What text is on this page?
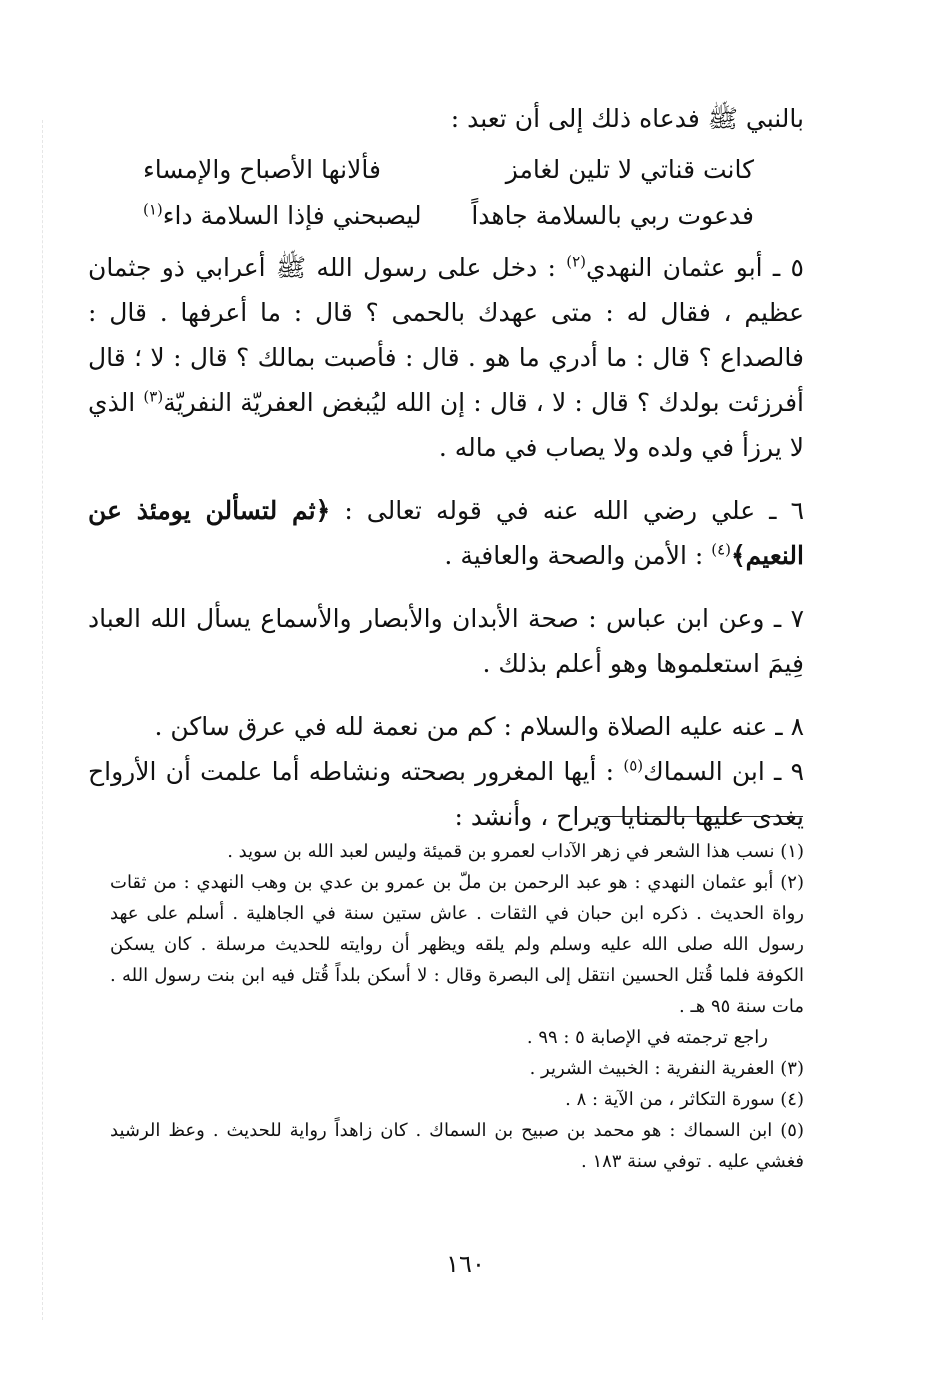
بالنبي ﷺ فدعاه ذلك إلى أن تعبد :

كانت قناتي لا تلين لغامز
فألانها الأصباح والإمساء
فدعوت ربي بالسلامة جاهداً
ليصبحني فإذا السلامة داء$^{(١)}$

٥ ـ أبو عثمان النهدي$^{(٢)}$ : دخل على رسول الله ﷺ أعرابي ذو جثمان عظيم ، فقال له : متى عهدك بالحمى ؟ قال : ما أعرفها . قال : فالصداع ؟ قال : ما أدري ما هو . قال : فأصبت بمالك ؟ قال : لا ؛ قال أفرزئت بولدك ؟ قال : لا ، قال : إن الله ليُبغض العفريّة النفريّة$^{(٣)}$ الذي لا يرزأ في ولده ولا يصاب في ماله .

٦ ـ علي رضي الله عنه في قوله تعالى : ﴿ثم لتسألن يومئذ عن النعيم﴾$^{(٤)}$ : الأمن والصحة والعافية .

٧ ـ وعن ابن عباس : صحة الأبدان والأبصار والأسماع يسأل الله العباد فِيمَ استعلموها وهو أعلم بذلك .

٨ ـ عنه عليه الصلاة والسلام : كم من نعمة لله في عرق ساكن .

٩ ـ ابن السماك$^{(٥)}$ : أيها المغرور بصحته ونشاطه أما علمت أن الأرواح يغدى عليها بالمنايا ويراح ، وأنشد :

(١) نسب هذا الشعر في زهر الآداب لعمرو بن قميئة وليس لعبد الله بن سويد .

(٢) أبو عثمان النهدي : هو عبد الرحمن بن ملّ بن عمرو بن عدي بن وهب النهدي : من ثقات رواة الحديث . ذكره ابن حبان في الثقات . عاش ستين سنة في الجاهلية . أسلم على عهد رسول الله صلى الله عليه وسلم ولم يلقه ويظهر أن روايته للحديث مرسلة . كان يسكن الكوفة فلما قُتل الحسين انتقل إلى البصرة وقال : لا أسكن بلداً قُتل فيه ابن بنت رسول الله . مات سنة ٩٥ هـ .

راجع ترجمته في الإصابة ٥ : ٩٩ .

(٣) العفرية النفرية : الخبيث الشرير .

(٤) سورة التكاثر ، من الآية : ٨ .

(٥) ابن السماك : هو محمد بن صبيح بن السماك . كان زاهداً رواية للحديث . وعظ الرشيد فغشي عليه . توفي سنة ١٨٣ .

١٦٠
